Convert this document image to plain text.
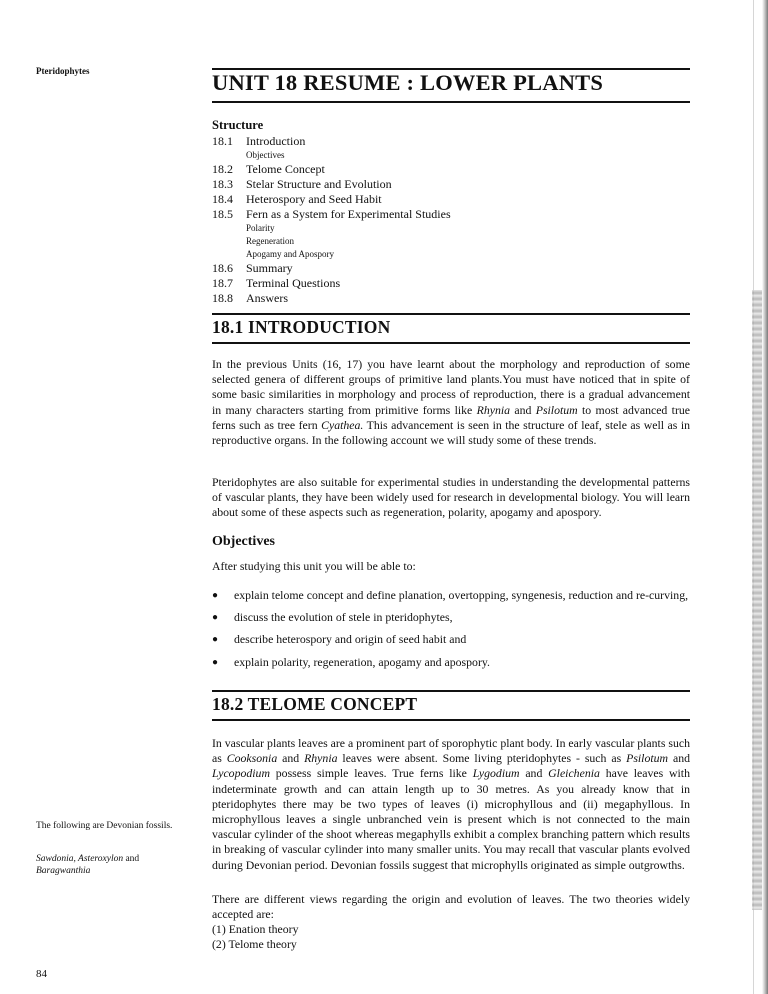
Pteridophytes	UNIT 18 RESUME : LOWER PLANTS
Structure
18.1	Introduction
Objectives
18.2	Telome Concept
18.3	Stelar Structure and Evolution
18.4	Heterospory and Seed Habit
18.5	Fern as a System for Experimental Studies
Polarity
Regeneration
Apogamy and Apospory
18.6	Summary
18.7	Terminal Questions
18.8	Answers
18.1 INTRODUCTION

In the previous Units (16, 17) you have learnt about the morphology and reproduction of some selected genera of different groups of primitive land plants.You must have noticed that in spite of some basic similarities in morphology and process of reproduction, there is a gradual advancement in many characters starting from primitive forms like Rhynia and Psilotum to most advanced true ferns such as tree fern Cyathea. This advancement is seen in the structure of leaf, stele as well as in reproductive organs. In the following account we will study some of these trends.

Pteridophytes are also suitable for experimental studies in understanding the developmental patterns of vascular plants, they have been widely used for research in developmental biology. You will learn about some of these aspects such as regeneration, polarity, apogamy and apospory.

Objectives
After studying this unit you will be able to:
●	explain telome concept and define planation, overtopping, syngenesis, reduction and re-curving,
●	discuss the evolution of stele in pteridophytes,
●	describe heterospory and origin of seed habit and
●	explain polarity, regeneration, apogamy and apospory.
18.2 TELOME CONCEPT

In vascular plants leaves are a prominent part of sporophytic plant body. In early vascular plants such as Cooksonia and Rhynia leaves were absent. Some living pteridophytes - such as Psilotum and Lycopodium possess simple leaves. True ferns like Lygodium and Gleichenia have leaves with indeterminate growth and can attain length up to 30 metres. As you already know that in pteridophytes there may be two types of leaves (i) microphyllous and (ii) megaphyllous. In microphyllous leaves a single unbranched vein is present which is not connected to the main vascular cylinder of the shoot whereas megaphylls exhibit a complex branching pattern which results in breaking of vascular cylinder into many smaller units. You may recall that vascular plants evolved during Devonian period. Devonian fossils suggest that microphylls originated as simple outgrowths.

There are different views regarding the origin and evolution of leaves. The two theories widely accepted are:

(1) Enation theory
(2) Telome theory
The following are Devonian fossils.
Sawdonia, Asteroxylon and
Baragwanthia
84
